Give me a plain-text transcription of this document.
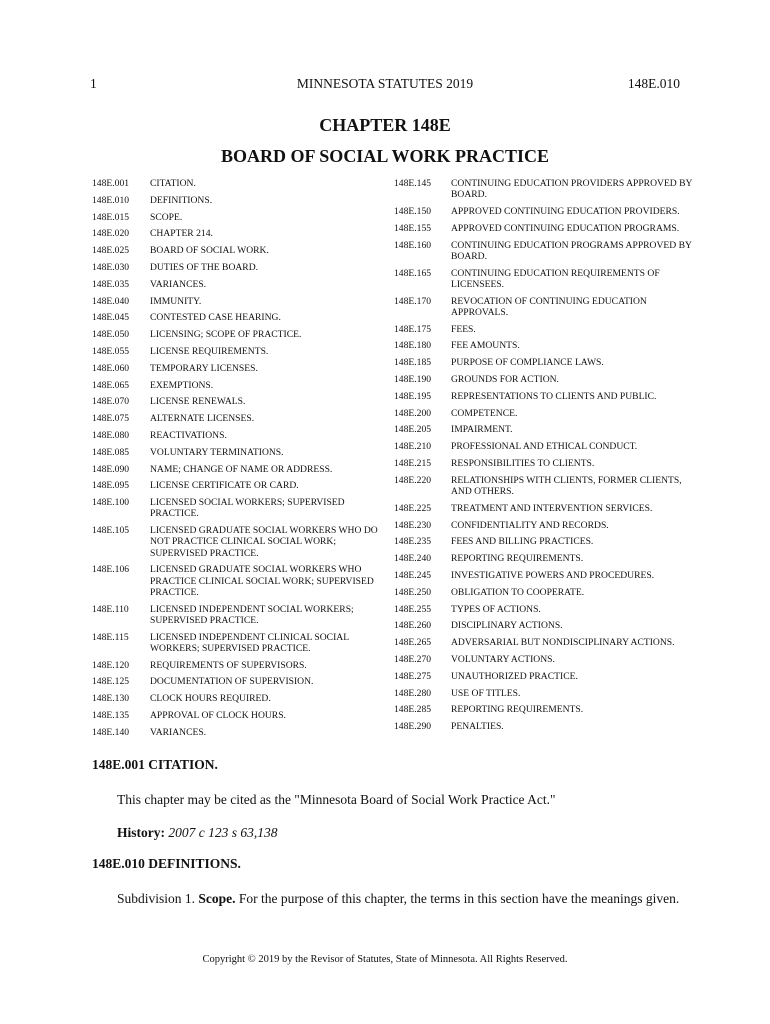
1	MINNESOTA STATUTES 2019	148E.010
CHAPTER 148E
BOARD OF SOCIAL WORK PRACTICE
148E.001	CITATION.
148E.010	DEFINITIONS.
148E.015	SCOPE.
148E.020	CHAPTER 214.
148E.025	BOARD OF SOCIAL WORK.
148E.030	DUTIES OF THE BOARD.
148E.035	VARIANCES.
148E.040	IMMUNITY.
148E.045	CONTESTED CASE HEARING.
148E.050	LICENSING; SCOPE OF PRACTICE.
148E.055	LICENSE REQUIREMENTS.
148E.060	TEMPORARY LICENSES.
148E.065	EXEMPTIONS.
148E.070	LICENSE RENEWALS.
148E.075	ALTERNATE LICENSES.
148E.080	REACTIVATIONS.
148E.085	VOLUNTARY TERMINATIONS.
148E.090	NAME; CHANGE OF NAME OR ADDRESS.
148E.095	LICENSE CERTIFICATE OR CARD.
148E.100	LICENSED SOCIAL WORKERS; SUPERVISED PRACTICE.
148E.105	LICENSED GRADUATE SOCIAL WORKERS WHO DO NOT PRACTICE CLINICAL SOCIAL WORK; SUPERVISED PRACTICE.
148E.106	LICENSED GRADUATE SOCIAL WORKERS WHO PRACTICE CLINICAL SOCIAL WORK; SUPERVISED PRACTICE.
148E.110	LICENSED INDEPENDENT SOCIAL WORKERS; SUPERVISED PRACTICE.
148E.115	LICENSED INDEPENDENT CLINICAL SOCIAL WORKERS; SUPERVISED PRACTICE.
148E.120	REQUIREMENTS OF SUPERVISORS.
148E.125	DOCUMENTATION OF SUPERVISION.
148E.130	CLOCK HOURS REQUIRED.
148E.135	APPROVAL OF CLOCK HOURS.
148E.140	VARIANCES.
148E.145	CONTINUING EDUCATION PROVIDERS APPROVED BY BOARD.
148E.150	APPROVED CONTINUING EDUCATION PROVIDERS.
148E.155	APPROVED CONTINUING EDUCATION PROGRAMS.
148E.160	CONTINUING EDUCATION PROGRAMS APPROVED BY BOARD.
148E.165	CONTINUING EDUCATION REQUIREMENTS OF LICENSEES.
148E.170	REVOCATION OF CONTINUING EDUCATION APPROVALS.
148E.175	FEES.
148E.180	FEE AMOUNTS.
148E.185	PURPOSE OF COMPLIANCE LAWS.
148E.190	GROUNDS FOR ACTION.
148E.195	REPRESENTATIONS TO CLIENTS AND PUBLIC.
148E.200	COMPETENCE.
148E.205	IMPAIRMENT.
148E.210	PROFESSIONAL AND ETHICAL CONDUCT.
148E.215	RESPONSIBILITIES TO CLIENTS.
148E.220	RELATIONSHIPS WITH CLIENTS, FORMER CLIENTS, AND OTHERS.
148E.225	TREATMENT AND INTERVENTION SERVICES.
148E.230	CONFIDENTIALITY AND RECORDS.
148E.235	FEES AND BILLING PRACTICES.
148E.240	REPORTING REQUIREMENTS.
148E.245	INVESTIGATIVE POWERS AND PROCEDURES.
148E.250	OBLIGATION TO COOPERATE.
148E.255	TYPES OF ACTIONS.
148E.260	DISCIPLINARY ACTIONS.
148E.265	ADVERSARIAL BUT NONDISCIPLINARY ACTIONS.
148E.270	VOLUNTARY ACTIONS.
148E.275	UNAUTHORIZED PRACTICE.
148E.280	USE OF TITLES.
148E.285	REPORTING REQUIREMENTS.
148E.290	PENALTIES.
148E.001 CITATION.
This chapter may be cited as the "Minnesota Board of Social Work Practice Act."
History: 2007 c 123 s 63,138
148E.010 DEFINITIONS.
Subdivision 1. Scope. For the purpose of this chapter, the terms in this section have the meanings given.
Copyright © 2019 by the Revisor of Statutes, State of Minnesota. All Rights Reserved.
